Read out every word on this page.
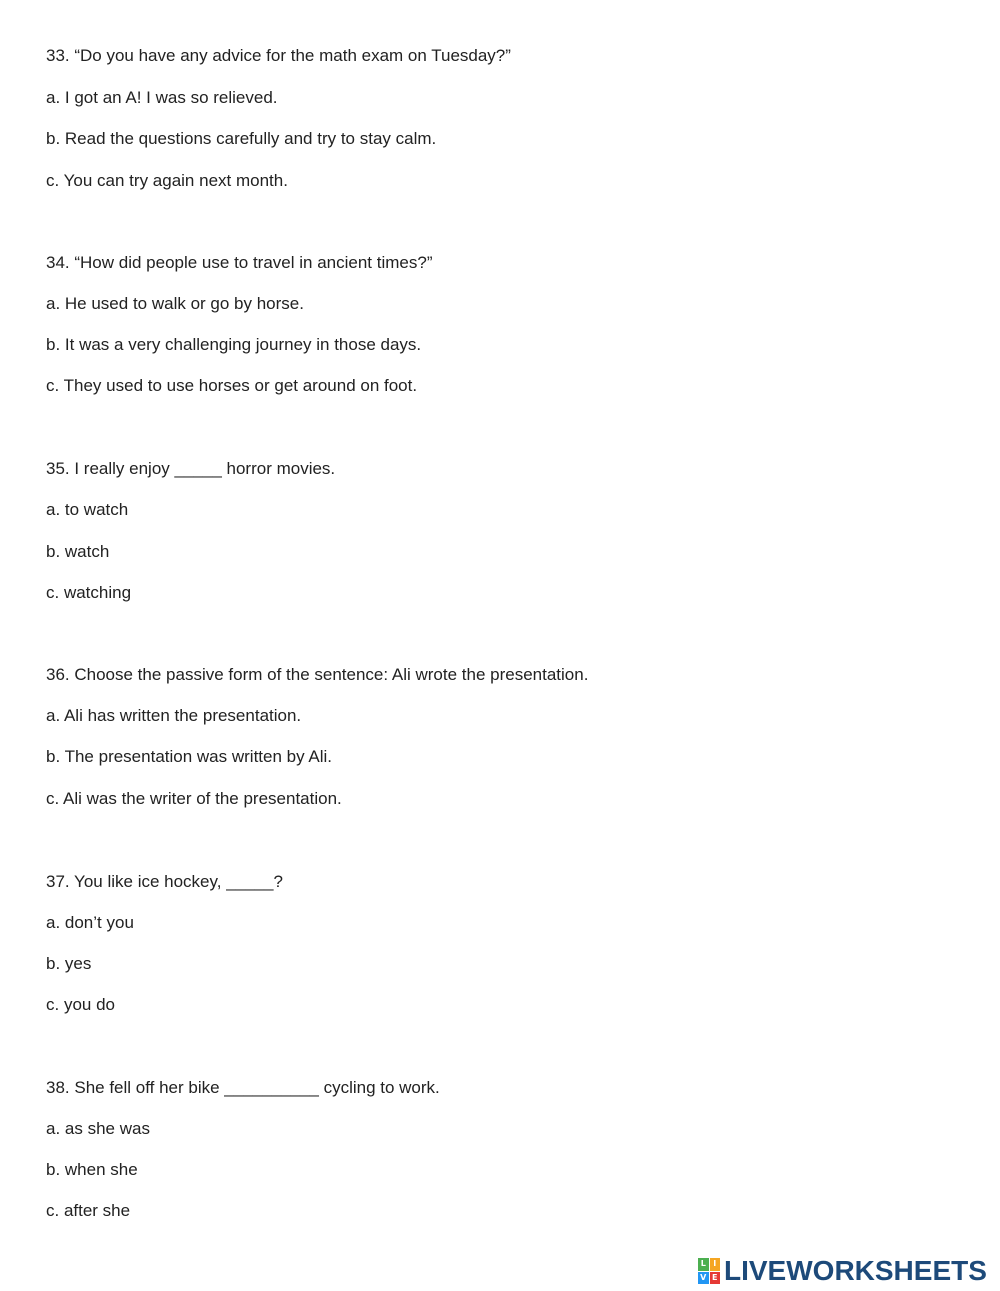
33. “Do you have any advice for the math exam on Tuesday?”
a. I got an A! I was so relieved.
b. Read the questions carefully and try to stay calm.
c. You can try again next month.
34. “How did people use to travel in ancient times?”
a. He used to walk or go by horse.
b. It was a very challenging journey in those days.
c. They used to use horses or get around on foot.
35. I really enjoy _____ horror movies.
a. to watch
b. watch
c. watching
36. Choose the passive form of the sentence: Ali wrote the presentation.
a. Ali has written the presentation.
b. The presentation was written by Ali.
c. Ali was the writer of the presentation.
37. You like ice hockey, _____?
a. don’t you
b. yes
c. you do
38. She fell off her bike __________ cycling to work.
a. as she was
b. when she
c. after she
L I
V E LIVEWORKSHEETS
